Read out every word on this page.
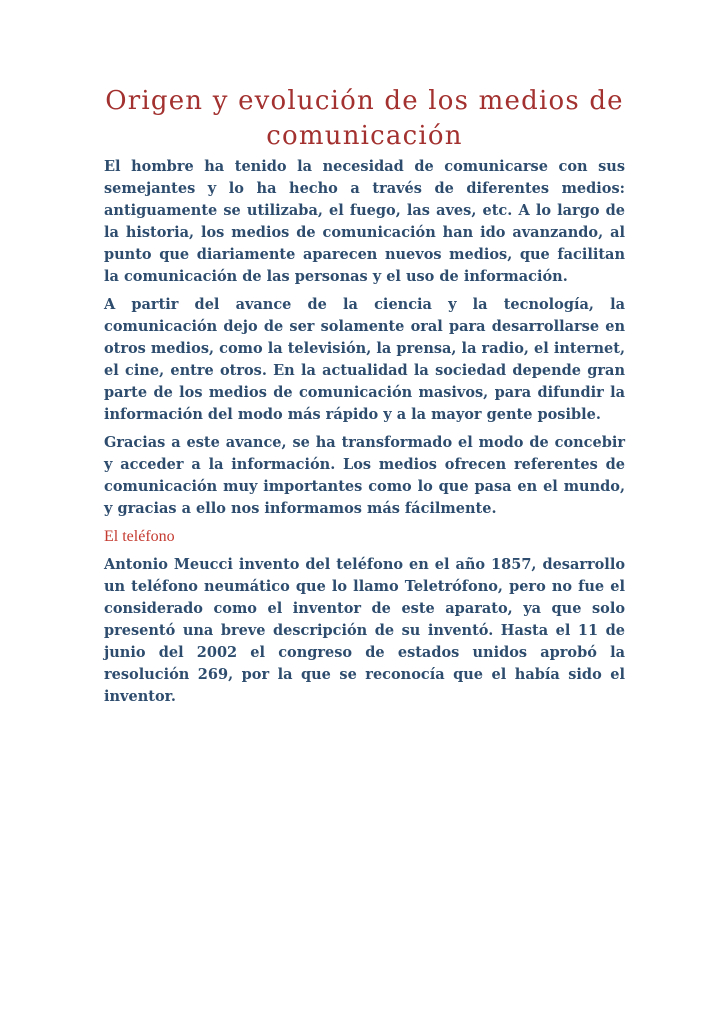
Origen y evolución de los medios de comunicación

El hombre ha tenido la necesidad de comunicarse con sus semejantes y lo ha hecho a través de diferentes medios: antiguamente se utilizaba, el fuego, las aves, etc. A lo largo de la historia, los medios de comunicación han ido avanzando, al punto que diariamente aparecen nuevos medios, que facilitan la comunicación de las personas y el uso de información.

A partir del avance de la ciencia y la tecnología, la comunicación dejo de ser solamente oral para desarrollarse en otros medios, como la televisión, la prensa, la radio, el internet, el cine, entre otros. En la actualidad la sociedad depende gran parte de los medios de comunicación masivos, para difundir la información del modo más rápido y a la mayor gente posible.

Gracias a este avance, se ha transformado el modo de concebir y acceder a la información. Los medios ofrecen referentes de comunicación muy importantes como lo que pasa en el mundo, y gracias a ello nos informamos más fácilmente.

El teléfono

Antonio Meucci invento del teléfono en el año 1857, desarrollo un teléfono neumático que lo llamo Teletrófono, pero no fue el considerado como el inventor de este aparato, ya que solo presentó una breve descripción de su inventó. Hasta el 11 de junio del 2002 el congreso de estados unidos aprobó la resolución 269, por la que se reconocía que el había sido el inventor.
